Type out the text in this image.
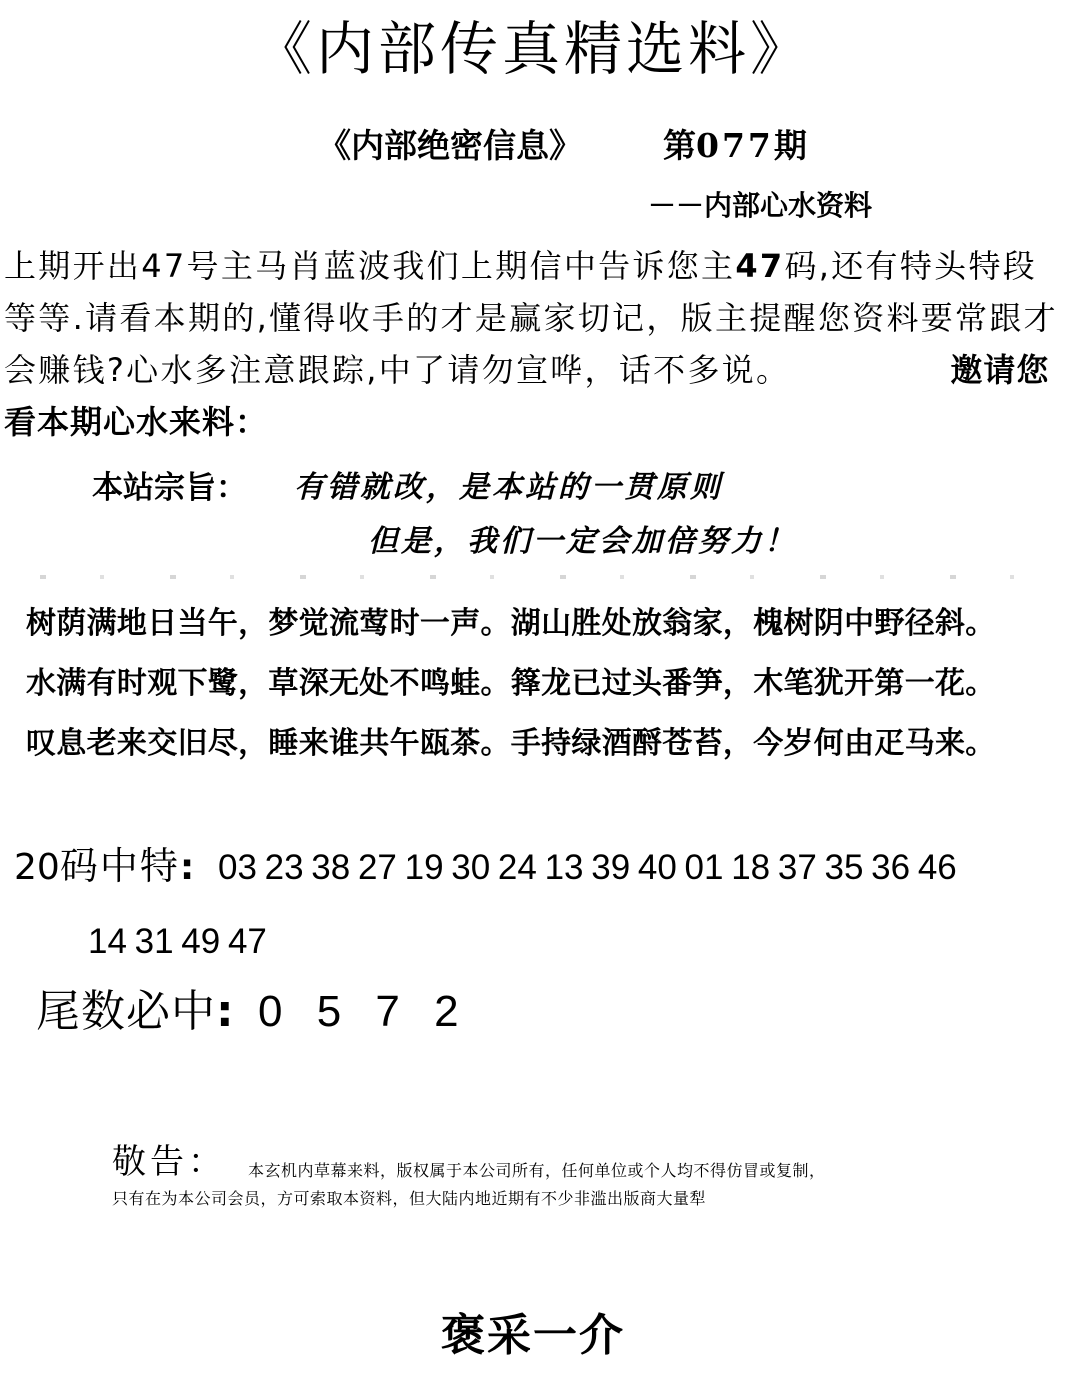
《内部传真精选料》
《内部绝密信息》 第077期
－－内部心水资料
上期开出47号主马肖蓝波我们上期信中告诉您主47码,还有特头特段等等.请看本期的,懂得收手的才是赢家切记，版主提醒您资料要常跟才会赚钱?心水多注意跟踪,中了请勿宣哗，话不多说。	邀请您看本期心水来料：
本站宗旨： 有错就改，是本站的一贯原则
但是，我们一定会加倍努力！
树荫满地日当午，梦觉流莺时一声。湖山胜处放翁家，槐树阴中野径斜。
水满有时观下鹭，草深无处不鸣蛙。箨龙已过头番笋，木笔犹开第一花。
叹息老来交旧尽，睡来谁共午瓯茶。手持绿酒酹苍苔，今岁何由疋马来。
20码中特: 03 23 38 27 19 30 24 13 39 40 01 18 37 35 36 46
14 31 49 47
尾数必中: 0 5 7 2
敬告： 本玄机内草幕来料，版权属于本公司所有，任何单位或个人均不得仿冒或复制，
只有在为本公司会员，方可索取本资料，但大陆内地近期有不少非滥出版商大量犁
褒采一介
